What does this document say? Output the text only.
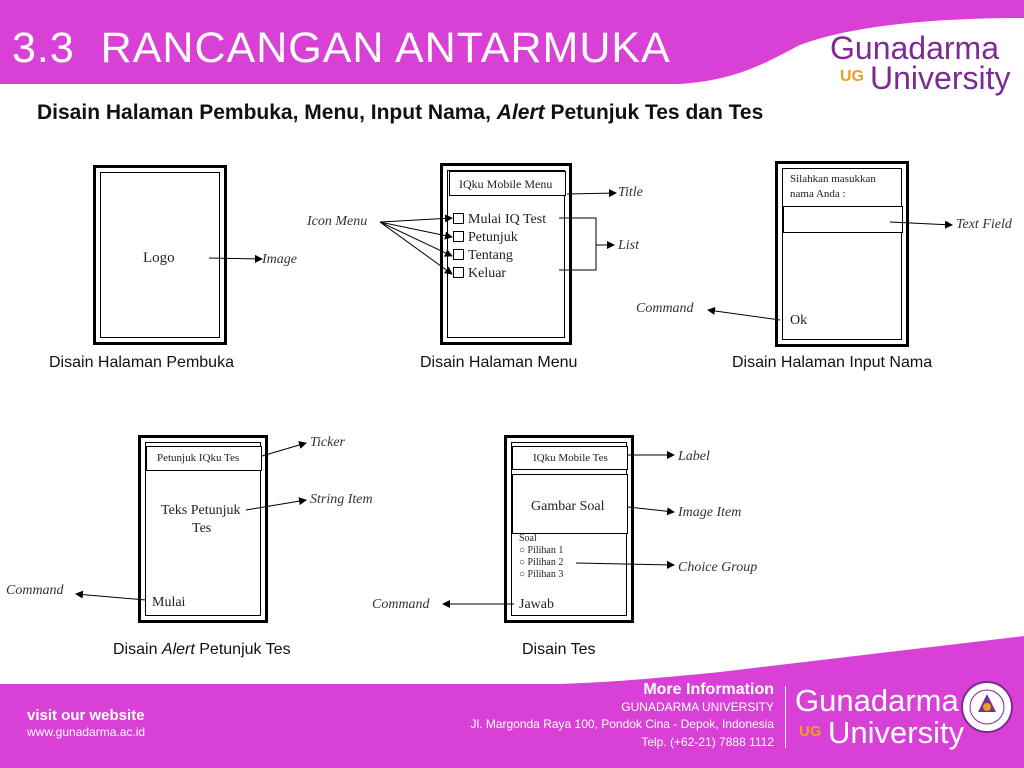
3.3  RANCANGAN ANTARMUKA	Gunadarma
UG University
Disain Halaman Pembuka, Menu, Input Nama, Alert Petunjuk Tes dan Tes
Logo	Image
Disain Halaman Pembuka
IQku Mobile Menu
Mulai IQ Test
Petunjuk
Tentang
Keluar
Title
Icon Menu
List
Disain Halaman Menu
Silahkan masukkan
nama Anda :
Ok
Text Field
Command
Disain Halaman Input Nama
Petunjuk IQku Tes
Teks Petunjuk
Tes
Mulai
Ticker
String Item
Command
Disain Alert Petunjuk Tes
IQku Mobile Tes
Gambar Soal
Soal
○ Pilihan 1
○ Pilihan 2
○ Pilihan 3
Jawab
Label
Image Item
Choice Group
Command
Disain Tes
visit our website
www.gunadarma.ac.id
More Information
GUNADARMA UNIVERSITY
Jl. Margonda Raya 100, Pondok Cina - Depok, Indonesia
Telp. (+62-21) 7888 1112
Gunadarma
UG University
